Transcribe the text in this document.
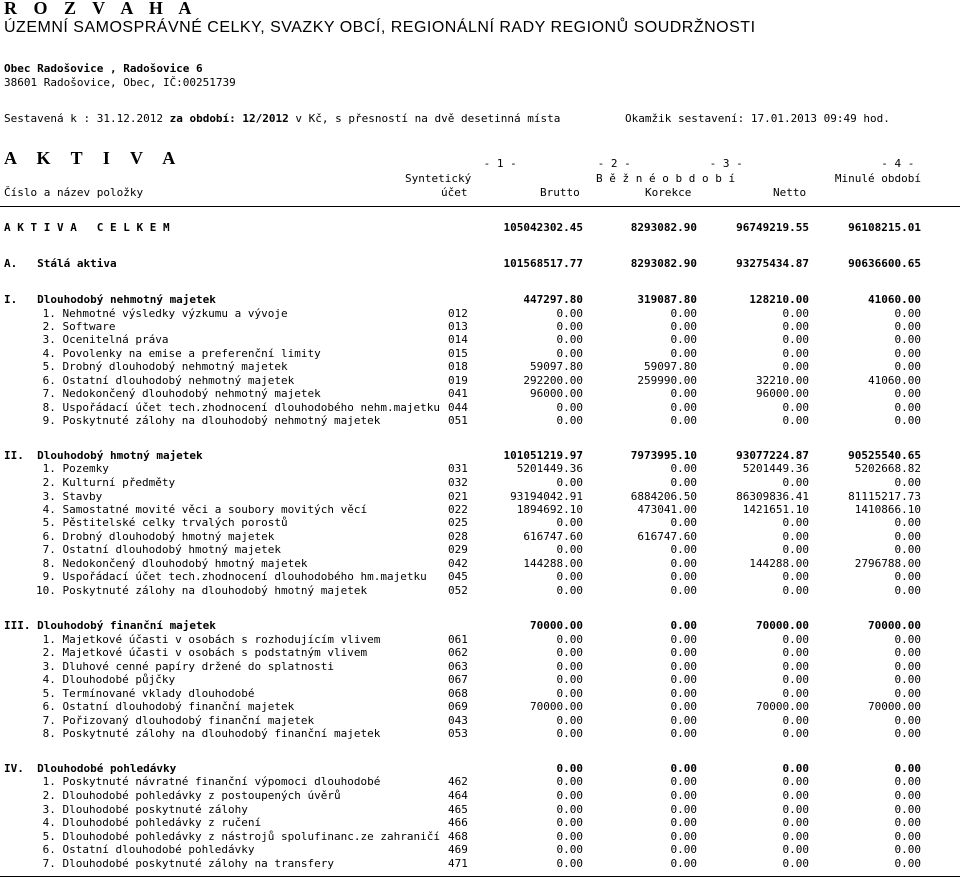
R O Z V A H A
ÚZEMNÍ SAMOSPRÁVNÉ CELKY, SVAZKY OBCÍ, REGIONÁLNÍ RADY REGIONŮ SOUDRŽNOSTI
Obec Radošovice , Radošovice 6
38601 Radošovice, Obec, IČ:00251739
Sestavená k : 31.12.2012 za období: 12/2012 v Kč, s přesností na dvě desetinná místa	Okamžik sestavení: 17.01.2013 09:49 hod.
A K T I V A	- 1 -	- 2 -	- 3 -	- 4 -
Syntetický	B ě ž n é o b d o b í	Minulé období
Číslo a název položky	účet	Brutto	Korekce	Netto
A K T I V A   C E L K E M	105042302.45	8293082.90	96749219.55	96108215.01
A.   Stálá aktiva	101568517.77	8293082.90	93275434.87	90636600.65
I.   Dlouhodobý nehmotný majetek	447297.80	319087.80	128210.00	41060.00
1. Nehmotné výsledky výzkumu a vývoje	012	0.00	0.00	0.00	0.00
2. Software	013	0.00	0.00	0.00	0.00
3. Ocenitelná práva	014	0.00	0.00	0.00	0.00
4. Povolenky na emise a preferenční limity	015	0.00	0.00	0.00	0.00
5. Drobný dlouhodobý nehmotný majetek	018	59097.80	59097.80	0.00	0.00
6. Ostatní dlouhodobý nehmotný majetek	019	292200.00	259990.00	32210.00	41060.00
7. Nedokončený dlouhodobý nehmotný majetek	041	96000.00	0.00	96000.00	0.00
8. Uspořádací účet tech.zhodnocení dlouhodobého nehm.majetku 044	0.00	0.00	0.00	0.00
9. Poskytnuté zálohy na dlouhodobý nehmotný majetek	051	0.00	0.00	0.00	0.00
II.  Dlouhodobý hmotný majetek	101051219.97	7973995.10	93077224.87	90525540.65
1. Pozemky	031	5201449.36	0.00	5201449.36	5202668.82
2. Kulturní předměty	032	0.00	0.00	0.00	0.00
3. Stavby	021	93194042.91	6884206.50	86309836.41	81115217.73
4. Samostatné movité věci a soubory movitých věcí	022	1894692.10	473041.00	1421651.10	1410866.10
5. Pěstitelské celky trvalých porostů	025	0.00	0.00	0.00	0.00
6. Drobný dlouhodobý hmotný majetek	028	616747.60	616747.60	0.00	0.00
7. Ostatní dlouhodobý hmotný majetek	029	0.00	0.00	0.00	0.00
8. Nedokončený dlouhodobý hmotný majetek	042	144288.00	0.00	144288.00	2796788.00
9. Uspořádací účet tech.zhodnocení dlouhodobého hm.majetku 045	0.00	0.00	0.00	0.00
10. Poskytnuté zálohy na dlouhodobý hmotný majetek	052	0.00	0.00	0.00	0.00
III. Dlouhodobý finanční majetek	70000.00	0.00	70000.00	70000.00
1. Majetkové účasti v osobách s rozhodujícím vlivem	061	0.00	0.00	0.00	0.00
2. Majetkové účasti v osobách s podstatným vlivem	062	0.00	0.00	0.00	0.00
3. Dluhové cenné papíry držené do splatnosti	063	0.00	0.00	0.00	0.00
4. Dlouhodobé půjčky	067	0.00	0.00	0.00	0.00
5. Termínované vklady dlouhodobé	068	0.00	0.00	0.00	0.00
6. Ostatní dlouhodobý finanční majetek	069	70000.00	0.00	70000.00	70000.00
7. Pořizovaný dlouhodobý finanční majetek	043	0.00	0.00	0.00	0.00
8. Poskytnuté zálohy na dlouhodobý finanční majetek	053	0.00	0.00	0.00	0.00
IV.  Dlouhodobé pohledávky	0.00	0.00	0.00	0.00
1. Poskytnuté návratné finanční výpomoci dlouhodobé	462	0.00	0.00	0.00	0.00
2. Dlouhodobé pohledávky z postoupených úvěrů	464	0.00	0.00	0.00	0.00
3. Dlouhodobé poskytnuté zálohy	465	0.00	0.00	0.00	0.00
4. Dlouhodobé pohledávky z ručení	466	0.00	0.00	0.00	0.00
5. Dlouhodobé pohledávky z nástrojů spolufinanc.ze zahraničí 468	0.00	0.00	0.00	0.00
6. Ostatní dlouhodobé pohledávky	469	0.00	0.00	0.00	0.00
7. Dlouhodobé poskytnuté zálohy na transfery	471	0.00	0.00	0.00	0.00
